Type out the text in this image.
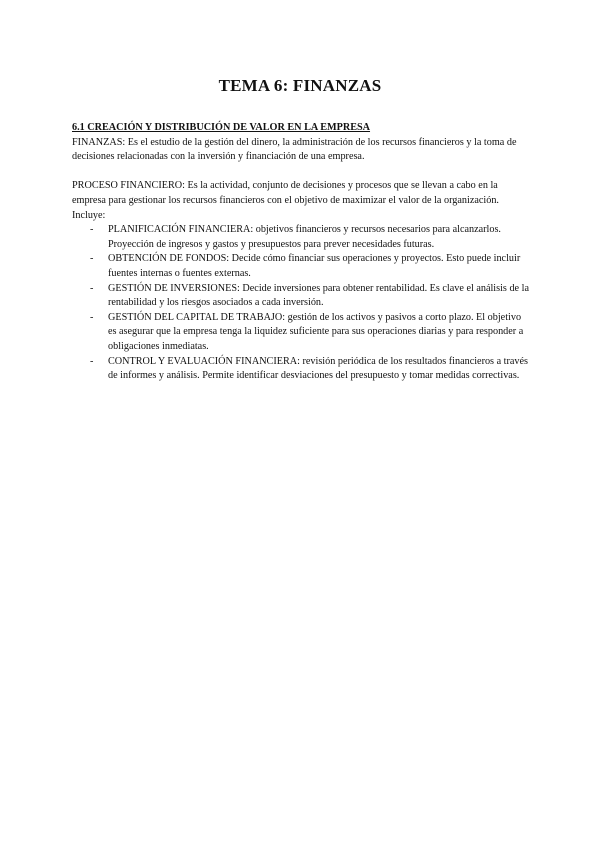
TEMA 6: FINANZAS

6.1 CREACIÓN Y DISTRIBUCIÓN DE VALOR EN LA EMPRESA

FINANZAS: Es el estudio de la gestión del dinero, la administración de los recursos financieros y la toma de decisiones relacionadas con la inversión y financiación de una empresa.

PROCESO FINANCIERO: Es la actividad, conjunto de decisiones y procesos que se llevan a cabo en la empresa para gestionar los recursos financieros con el objetivo de maximizar el valor de la organización.

Incluye:

- PLANIFICACIÓN FINANCIERA: objetivos financieros y recursos necesarios para alcanzarlos. Proyección de ingresos y gastos y presupuestos para prever necesidades futuras.
- OBTENCIÓN DE FONDOS: Decide cómo financiar sus operaciones y proyectos. Esto puede incluir fuentes internas o fuentes externas.
- GESTIÓN DE INVERSIONES: Decide inversiones para obtener rentabilidad. Es clave el análisis de la rentabilidad y los riesgos asociados a cada inversión.
- GESTIÓN DEL CAPITAL DE TRABAJO: gestión de los activos y pasivos a corto plazo. El objetivo es asegurar que la empresa tenga la liquidez suficiente para sus operaciones diarias y para responder a obligaciones inmediatas.
- CONTROL Y EVALUACIÓN FINANCIERA: revisión periódica de los resultados financieros a través de informes y análisis. Permite identificar desviaciones del presupuesto y tomar medidas correctivas.
